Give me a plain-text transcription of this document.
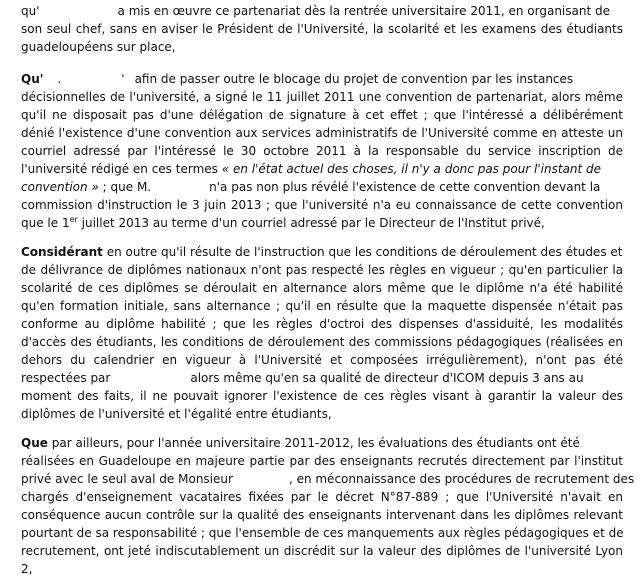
qu'	a mis en œuvre ce partenariat dès la rentrée universitaire 2011, en organisant de
son seul chef, sans en aviser le Président de l'Université, la scolarité et les examens des étudiants
guadeloupéens sur place,
Qu' .	' afin de passer outre le blocage du projet de convention par les instances
décisionnelles de l'université, a signé le 11 juillet 2011 une convention de partenariat, alors même
qu'il ne disposait pas d'une délégation de signature à cet effet ; que l'intéressé a délibérément
dénié l'existence d'une convention aux services administratifs de l'Université comme en atteste un
courriel adressé par l'intéressé le 30 octobre 2011 à la responsable du service inscription de
l'université rédigé en ces termes « en l'état actuel des choses, il n'y a donc pas pour l'instant de
convention » ; que M.	n'a pas non plus révélé l'existence de cette convention devant la
commission d'instruction le 3 juin 2013 ; que l'université n'a eu connaissance de cette convention
que le 1er juillet 2013 au terme d'un courriel adressé par le Directeur de l'Institut privé,
Considérant en outre qu'il résulte de l'instruction que les conditions de déroulement des études et
de délivrance de diplômes nationaux n'ont pas respecté les règles en vigueur ; qu'en particulier la
scolarité de ces diplômes se déroulait en alternance alors même que le diplôme n'a été habilité
qu'en formation initiale, sans alternance ; qu'il en résulte que la maquette dispensée n'était pas
conforme au diplôme habilité ; que les règles d'octroi des dispenses d'assiduité, les modalités
d'accès des étudiants, les conditions de déroulement des commissions pédagogiques (réalisées en
dehors du calendrier en vigueur à l'Université et composées irrégulièrement), n'ont pas été
respectées par	alors même qu'en sa qualité de directeur d'ICOM depuis 3 ans au
moment des faits, il ne pouvait ignorer l'existence de ces règles visant à garantir la valeur des
diplômes de l'université et l'égalité entre étudiants,
Que par ailleurs, pour l'année universitaire 2011-2012, les évaluations des étudiants ont été
réalisées en Guadeloupe en majeure partie par des enseignants recrutés directement par l'institut
privé avec le seul aval de Monsieur	, en méconnaissance des procédures de recrutement des
chargés d'enseignement vacataires fixées par le décret N°87-889 ; que l'Université n'avait en
conséquence aucun contrôle sur la qualité des enseignants intervenant dans les diplômes relevant
pourtant de sa responsabilité ; que l'ensemble de ces manquements aux règles pédagogiques et de
recrutement, ont jeté indiscutablement un discrédit sur la valeur des diplômes de l'université Lyon
2,
